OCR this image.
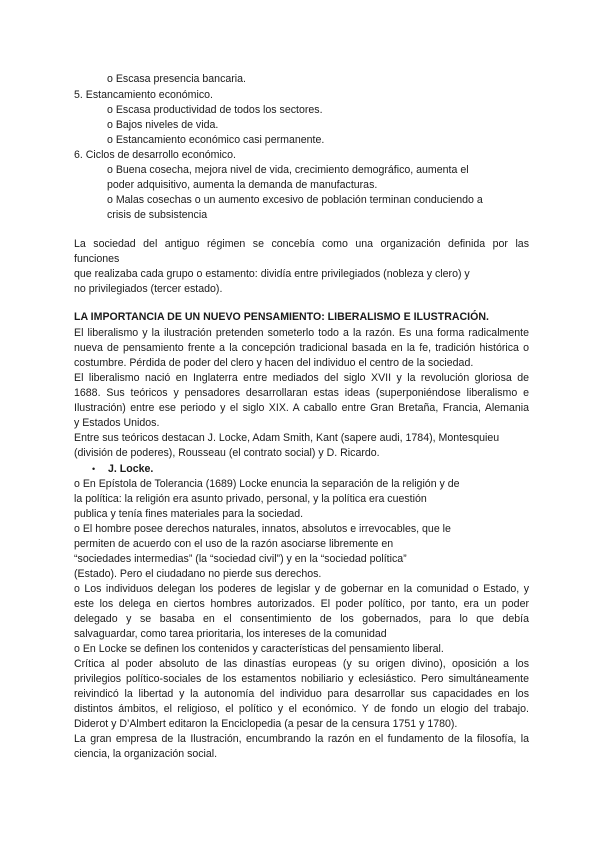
o Escasa presencia bancaria.
5. Estancamiento económico.
o Escasa productividad de todos los sectores.
o Bajos niveles de vida.
o Estancamiento económico casi permanente.
6. Ciclos de desarrollo económico.
o Buena cosecha, mejora nivel de vida, crecimiento demográfico, aumenta el
poder adquisitivo, aumenta la demanda de manufacturas.
o Malas cosechas o un aumento excesivo de población terminan conduciendo a
crisis de subsistencia
La sociedad del antiguo régimen se concebía como una organización definida por las
funciones
que realizaba cada grupo o estamento: dividía entre privilegiados (nobleza y clero) y
no privilegiados (tercer estado).
LA IMPORTANCIA DE UN NUEVO PENSAMIENTO: LIBERALISMO E ILUSTRACIÓN.
El liberalismo y la ilustración pretenden someterlo todo a la razón. Es una forma radicalmente
nueva de pensamiento frente a la concepción tradicional basada en la fe, tradición histórica o
costumbre. Pérdida de poder del clero y hacen del individuo el centro de la sociedad.
El liberalismo nació en Inglaterra entre mediados del siglo XVII y la revolución gloriosa de
1688. Sus teóricos y pensadores desarrollaran estas ideas (superponiéndose liberalismo e
Ilustración) entre ese periodo y el siglo XIX. A caballo entre Gran Bretaña, Francia, Alemania
y Estados Unidos.
Entre sus teóricos destacan J. Locke, Adam Smith, Kant (sapere audi, 1784), Montesquieu
(división de poderes), Rousseau (el contrato social) y D. Ricardo.
• J. Locke.
o En Epístola de Tolerancia (1689) Locke enuncia la separación de la religión y de
la política: la religión era asunto privado, personal, y la política era cuestión
publica y tenía fines materiales para la sociedad.
o El hombre posee derechos naturales, innatos, absolutos e irrevocables, que le
permiten de acuerdo con el uso de la razón asociarse libremente en
“sociedades intermedias” (la “sociedad civil”) y en la “sociedad política”
(Estado). Pero el ciudadano no pierde sus derechos.
o Los individuos delegan los poderes de legislar y de gobernar en la comunidad o Estado, y
este los delega en ciertos hombres autorizados. El poder político, por tanto, era un poder
delegado y se basaba en el consentimiento de los gobernados, para lo que debía
salvaguardar, como tarea prioritaria, los intereses de la comunidad
o En Locke se definen los contenidos y características del pensamiento liberal.
Crítica al poder absoluto de las dinastías europeas (y su origen divino), oposición a los
privilegios político-sociales de los estamentos nobiliario y eclesiástico. Pero simultáneamente
reivindicó la libertad y la autonomía del individuo para desarrollar sus capacidades en los
distintos ámbitos, el religioso, el político y el económico. Y de fondo un elogio del trabajo.
Diderot y D’Almbert editaron la Enciclopedia (a pesar de la censura 1751 y 1780).
La gran empresa de la Ilustración, encumbrando la razón en el fundamento de la filosofía, la
ciencia, la organización social.
